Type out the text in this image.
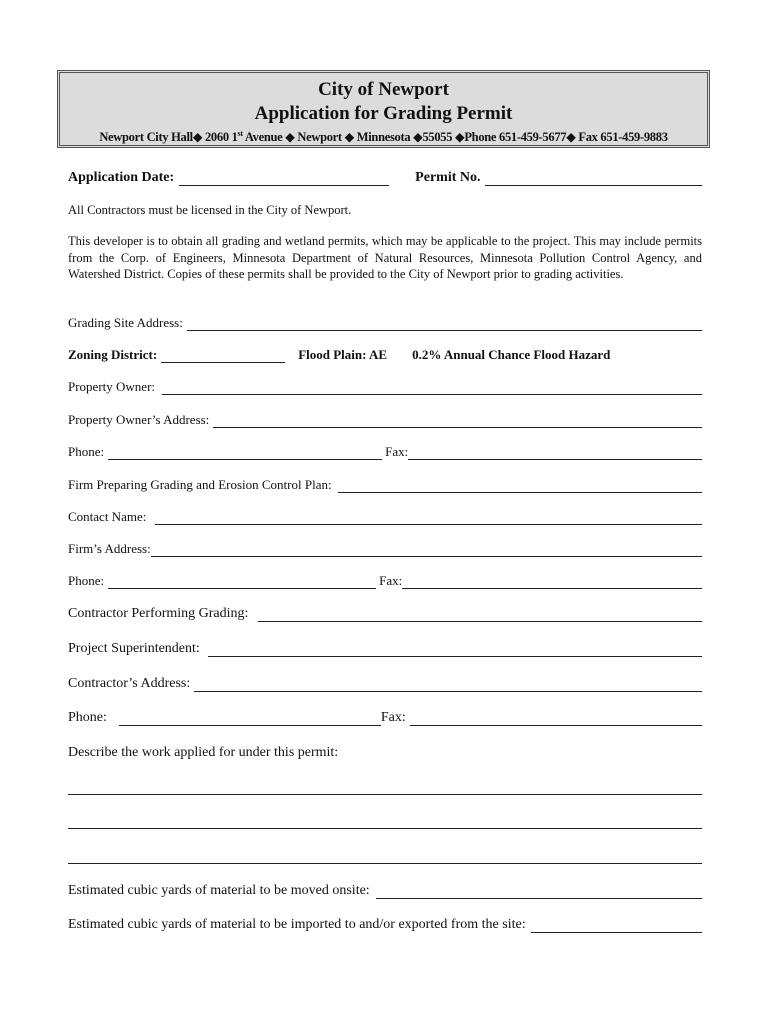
City of Newport
Application for Grading Permit
Newport City Hall◆ 2060 1st Avenue ◆ Newport ◆ Minnesota ◆55055 ◆Phone 651-459-5677◆ Fax 651-459-9883
Application Date:	Permit No.
All Contractors must be licensed in the City of Newport.
This developer is to obtain all grading and wetland permits, which may be applicable to the project. This may include permits from the Corp. of Engineers, Minnesota Department of Natural Resources, Minnesota Pollution Control Agency, and Watershed District. Copies of these permits shall be provided to the City of Newport prior to grading activities.
Grading Site Address:
Zoning District:	Flood Plain: AE 0.2% Annual Chance Flood Hazard
Property Owner:
Property Owner’s Address:
Phone:	Fax:
Firm Preparing Grading and Erosion Control Plan:
Contact Name:
Firm’s Address:
Phone:	Fax:
Contractor Performing Grading:
Project Superintendent:
Contractor’s Address:
Phone:	Fax:
Describe the work applied for under this permit:
Estimated cubic yards of material to be moved onsite:
Estimated cubic yards of material to be imported to and/or exported from the site:
